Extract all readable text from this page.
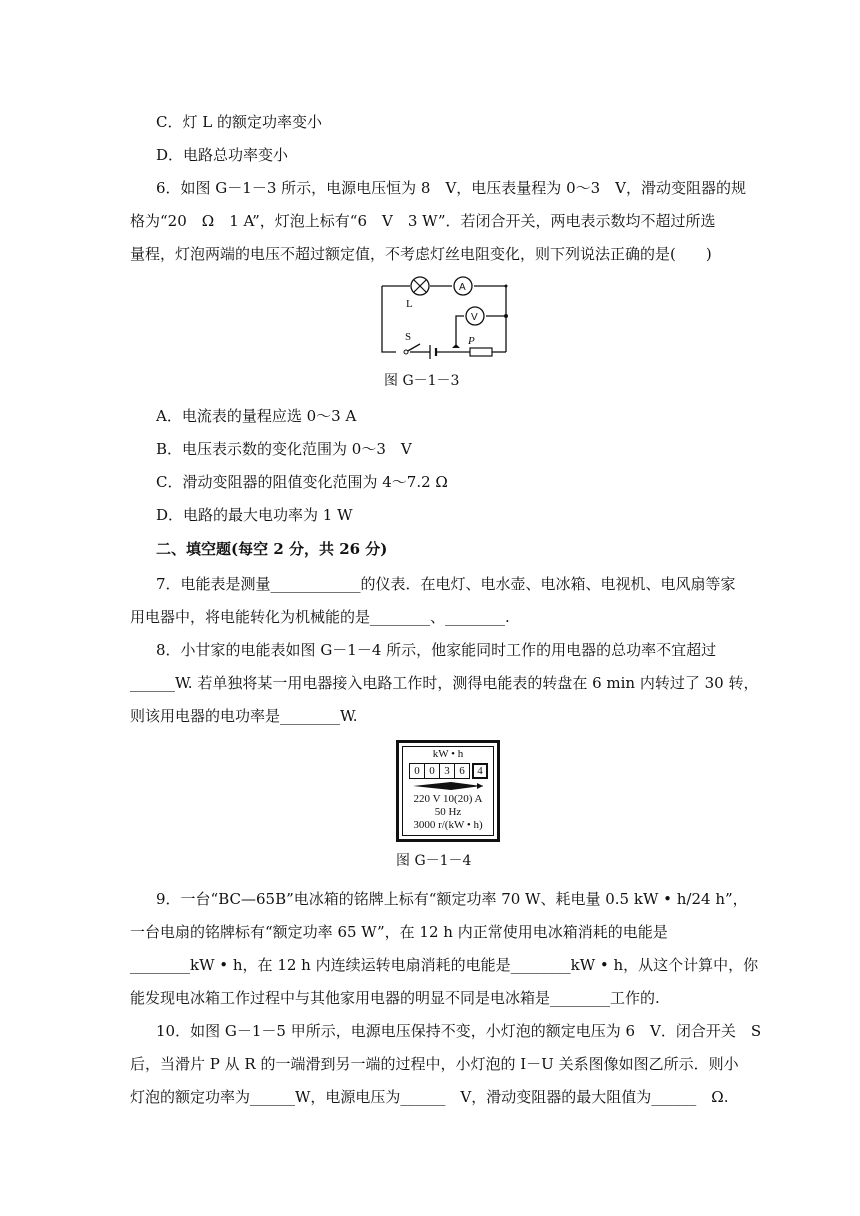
C．灯 L 的额定功率变小
D．电路总功率变小
6．如图 G－1－3 所示，电源电压恒为 8　V，电压表量程为 0～3　V，滑动变阻器的规
格为“20　Ω　1 A”，灯泡上标有“6　V　3 W”．若闭合开关，两电表示数均不超过所选
量程，灯泡两端的电压不超过额定值，不考虑灯丝电阻变化，则下列说法正确的是(　　)
L
A
V
S	P
图 G－1－3
A．电流表的量程应选 0～3 A
B．电压表示数的变化范围为 0～3　V
C．滑动变阻器的阻值变化范围为 4～7.2 Ω
D．电路的最大电功率为 1 W
二、填空题(每空 2 分，共 26 分)
7．电能表是测量____________的仪表．在电灯、电水壶、电冰箱、电视机、电风扇等家
用电器中，将电能转化为机械能的是________、________.
8．小甘家的电能表如图 G－1－4 所示，他家能同时工作的用电器的总功率不宜超过
______W. 若单独将某一用电器接入电路工作时，测得电能表的转盘在 6 min 内转过了 30 转，
则该用电器的电功率是________W.
kW • h
0 0 3 6	4
220 V 10(20) A
50 Hz
3000 r/(kW • h)
图 G－1－4
9．一台“BC—65B”电冰箱的铭牌上标有“额定功率 70 W、耗电量 0.5 kW • h/24 h”，
一台电扇的铭牌标有“额定功率 65 W”，在 12 h 内正常使用电冰箱消耗的电能是
________kW • h，在 12 h 内连续运转电扇消耗的电能是________kW • h，从这个计算中，你
能发现电冰箱工作过程中与其他家用电器的明显不同是电冰箱是________工作的.
10．如图 G－1－5 甲所示，电源电压保持不变，小灯泡的额定电压为 6　V．闭合开关　S
后，当滑片 P 从 R 的一端滑到另一端的过程中，小灯泡的 I－U 关系图像如图乙所示．则小
灯泡的额定功率为______W，电源电压为______　V，滑动变阻器的最大阻值为______　Ω.
